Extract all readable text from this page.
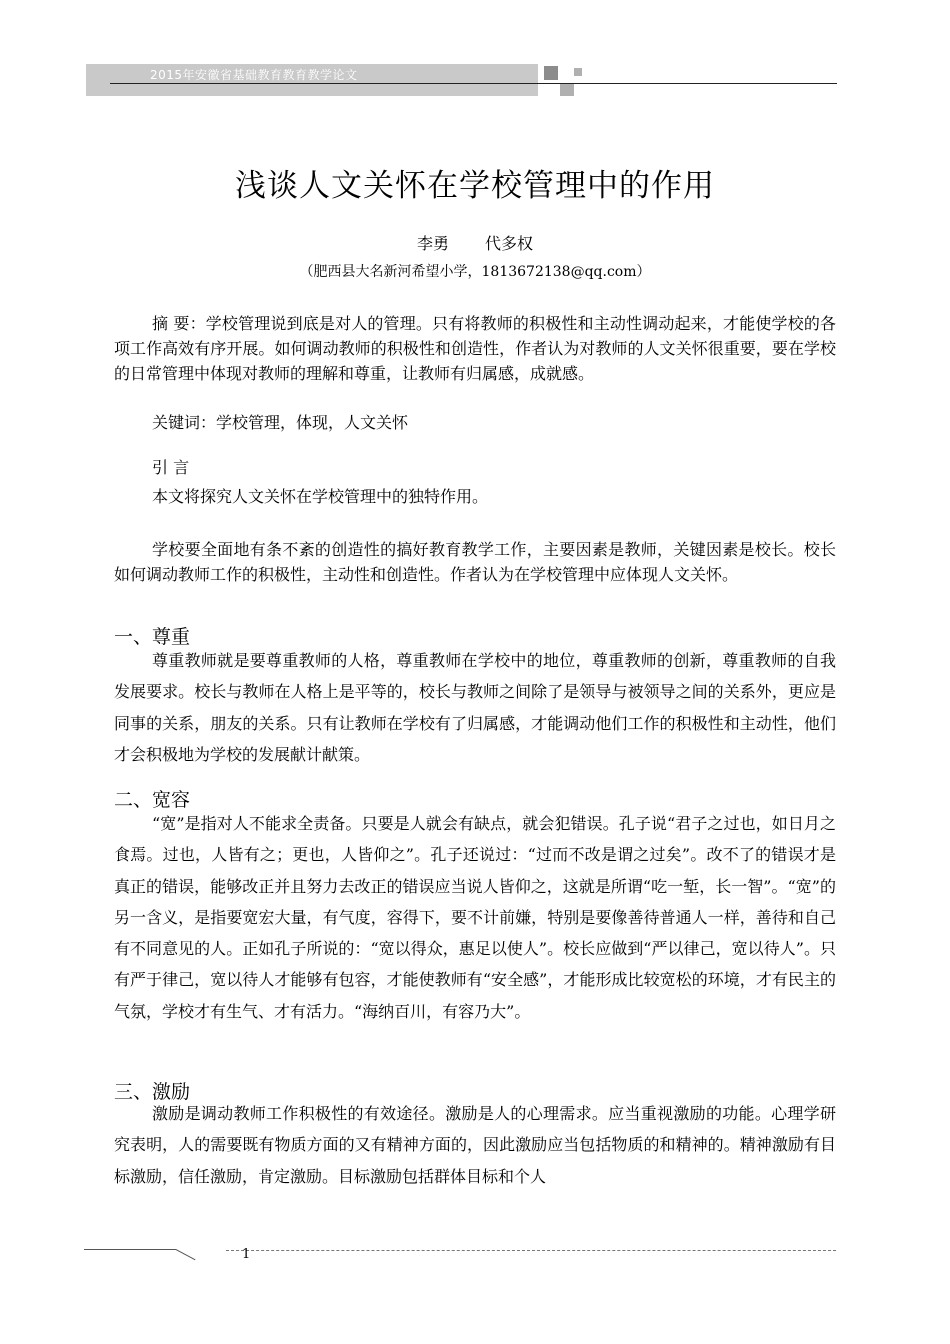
2015年安徽省基础教育教育教学论文
浅谈人文关怀在学校管理中的作用
李勇 代多权
（肥西县大名新河希望小学，1813672138@qq.com）
摘 要：学校管理说到底是对人的管理。只有将教师的积极性和主动性调动起来，才能使学校的各项工作高效有序开展。如何调动教师的积极性和创造性，作者认为对教师的人文关怀很重要，要在学校的日常管理中体现对教师的理解和尊重，让教师有归属感，成就感。
关键词：学校管理，体现，人文关怀
引 言
本文将探究人文关怀在学校管理中的独特作用。
学校要全面地有条不紊的创造性的搞好教育教学工作，主要因素是教师，关键因素是校长。校长如何调动教师工作的积极性，主动性和创造性。作者认为在学校管理中应体现人文关怀。
一、尊重
尊重教师就是要尊重教师的人格，尊重教师在学校中的地位，尊重教师的创新，尊重教师的自我发展要求。校长与教师在人格上是平等的，校长与教师之间除了是领导与被领导之间的关系外，更应是同事的关系，朋友的关系。只有让教师在学校有了归属感，才能调动他们工作的积极性和主动性，他们才会积极地为学校的发展献计献策。
二、宽容
“宽”是指对人不能求全责备。只要是人就会有缺点，就会犯错误。孔子说“君子之过也，如日月之食焉。过也，人皆有之；更也，人皆仰之”。孔子还说过：“过而不改是谓之过矣”。改不了的错误才是真正的错误，能够改正并且努力去改正的错误应当说人皆仰之，这就是所谓“吃一堑，长一智”。“宽”的另一含义，是指要宽宏大量，有气度，容得下，要不计前嫌，特别是要像善待普通人一样，善待和自己有不同意见的人。正如孔子所说的：“宽以得众，惠足以使人”。校长应做到“严以律己，宽以待人”。只有严于律己，宽以待人才能够有包容，才能使教师有“安全感”，才能形成比较宽松的环境，才有民主的气氛，学校才有生气、才有活力。“海纳百川，有容乃大”。
三、激励
激励是调动教师工作积极性的有效途径。激励是人的心理需求。应当重视激励的功能。心理学研究表明，人的需要既有物质方面的又有精神方面的，因此激励应当包括物质的和精神的。精神激励有目标激励，信任激励，肯定激励。目标激励包括群体目标和个人
1
